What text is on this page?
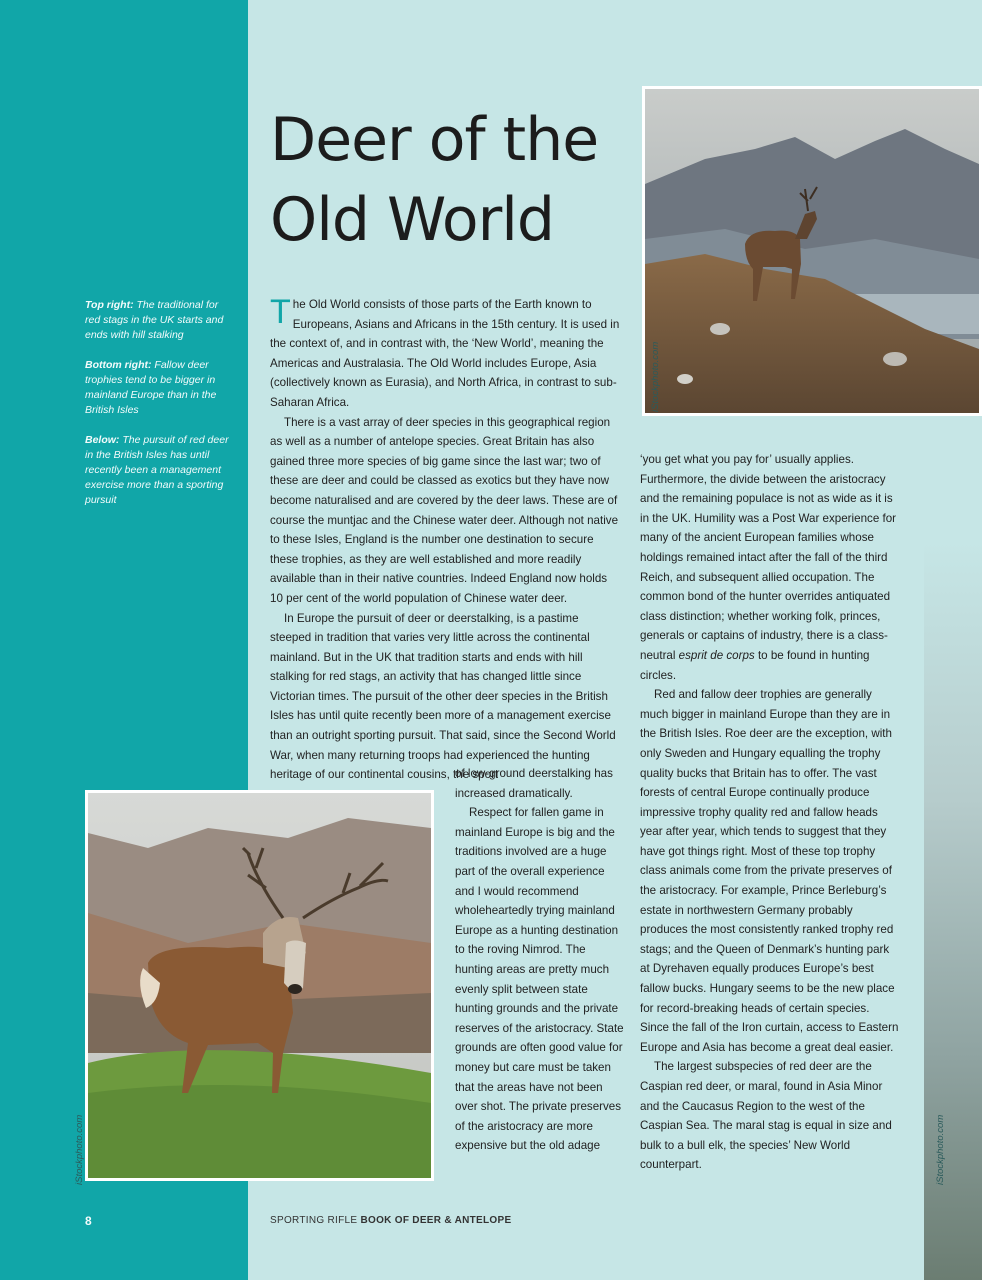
Top right: The traditional for red stags in the UK starts and ends with hill stalking
Bottom right: Fallow deer trophies tend to be bigger in mainland Europe than in the British Isles
Below: The pursuit of red deer in the British Isles has until recently been a management exercise more than a sporting pursuit
Deer of the
Old World
iStockphoto.com
iStockphoto.com	iStockphoto.com

The Old World consists of those parts of the Earth known to Europeans, Asians and Africans in the 15th century. It is used in the context of, and in contrast with, the ‘New World’, meaning the Americas and Australasia. The Old World includes Europe, Asia (collectively known as Eurasia), and North Africa, in contrast to sub-Saharan Africa.

There is a vast array of deer species in this geographical region as well as a number of antelope species. Great Britain has also gained three more species of big game since the last war; two of these are deer and could be classed as exotics but they have now become naturalised and are covered by the deer laws. These are of course the muntjac and the Chinese water deer. Although not native to these Isles, England is the number one destination to secure these trophies, as they are well established and more readily available than in their native countries. Indeed England now holds 10 per cent of the world population of Chinese water deer.

In Europe the pursuit of deer or deerstalking, is a pastime steeped in tradition that varies very little across the continental mainland. But in the UK that tradition starts and ends with hill stalking for red stags, an activity that has changed little since Victorian times. The pursuit of the other deer species in the British Isles has until quite recently been more of a management exercise than an outright sporting pursuit. That said, since the Second World War, when many returning troops had experienced the hunting heritage of our continental cousins, the sport

of low-ground deerstalking has increased dramatically.

Respect for fallen game in mainland Europe is big and the traditions involved are a huge part of the overall experience and I would recommend wholeheartedly trying mainland Europe as a hunting destination to the roving Nimrod. The hunting areas are pretty much evenly split between state hunting grounds and the private reserves of the aristocracy. State grounds are often good value for money but care must be taken that the areas have not been over shot. The private preserves of the aristocracy are more expensive but the old adage

‘you get what you pay for’ usually applies. Furthermore, the divide between the aristocracy and the remaining populace is not as wide as it is in the UK. Humility was a Post War experience for many of the ancient European families whose holdings remained intact after the fall of the third Reich, and subsequent allied occupation. The common bond of the hunter overrides antiquated class distinction; whether working folk, princes, generals or captains of industry, there is a class-neutral esprit de corps to be found in hunting circles.

Red and fallow deer trophies are generally much bigger in mainland Europe than they are in the British Isles. Roe deer are the exception, with only Sweden and Hungary equalling the trophy quality bucks that Britain has to offer. The vast forests of central Europe continually produce impressive trophy quality red and fallow heads year after year, which tends to suggest that they have got things right. Most of these top trophy class animals come from the private preserves of the aristocracy. For example, Prince Berleburg’s estate in northwestern Germany probably produces the most consistently ranked trophy red stags; and the Queen of Denmark’s hunting park at Dyrehaven equally produces Europe’s best fallow bucks. Hungary seems to be the new place for record-breaking heads of certain species. Since the fall of the Iron curtain, access to Eastern Europe and Asia has become a great deal easier.

The largest subspecies of red deer are the Caspian red deer, or maral, found in Asia Minor and the Caucasus Region to the west of the Caspian Sea. The maral stag is equal in size and bulk to a bull elk, the species’ New World counterpart.

8	SPORTING RIFLE BOOK OF DEER & ANTELOPE
